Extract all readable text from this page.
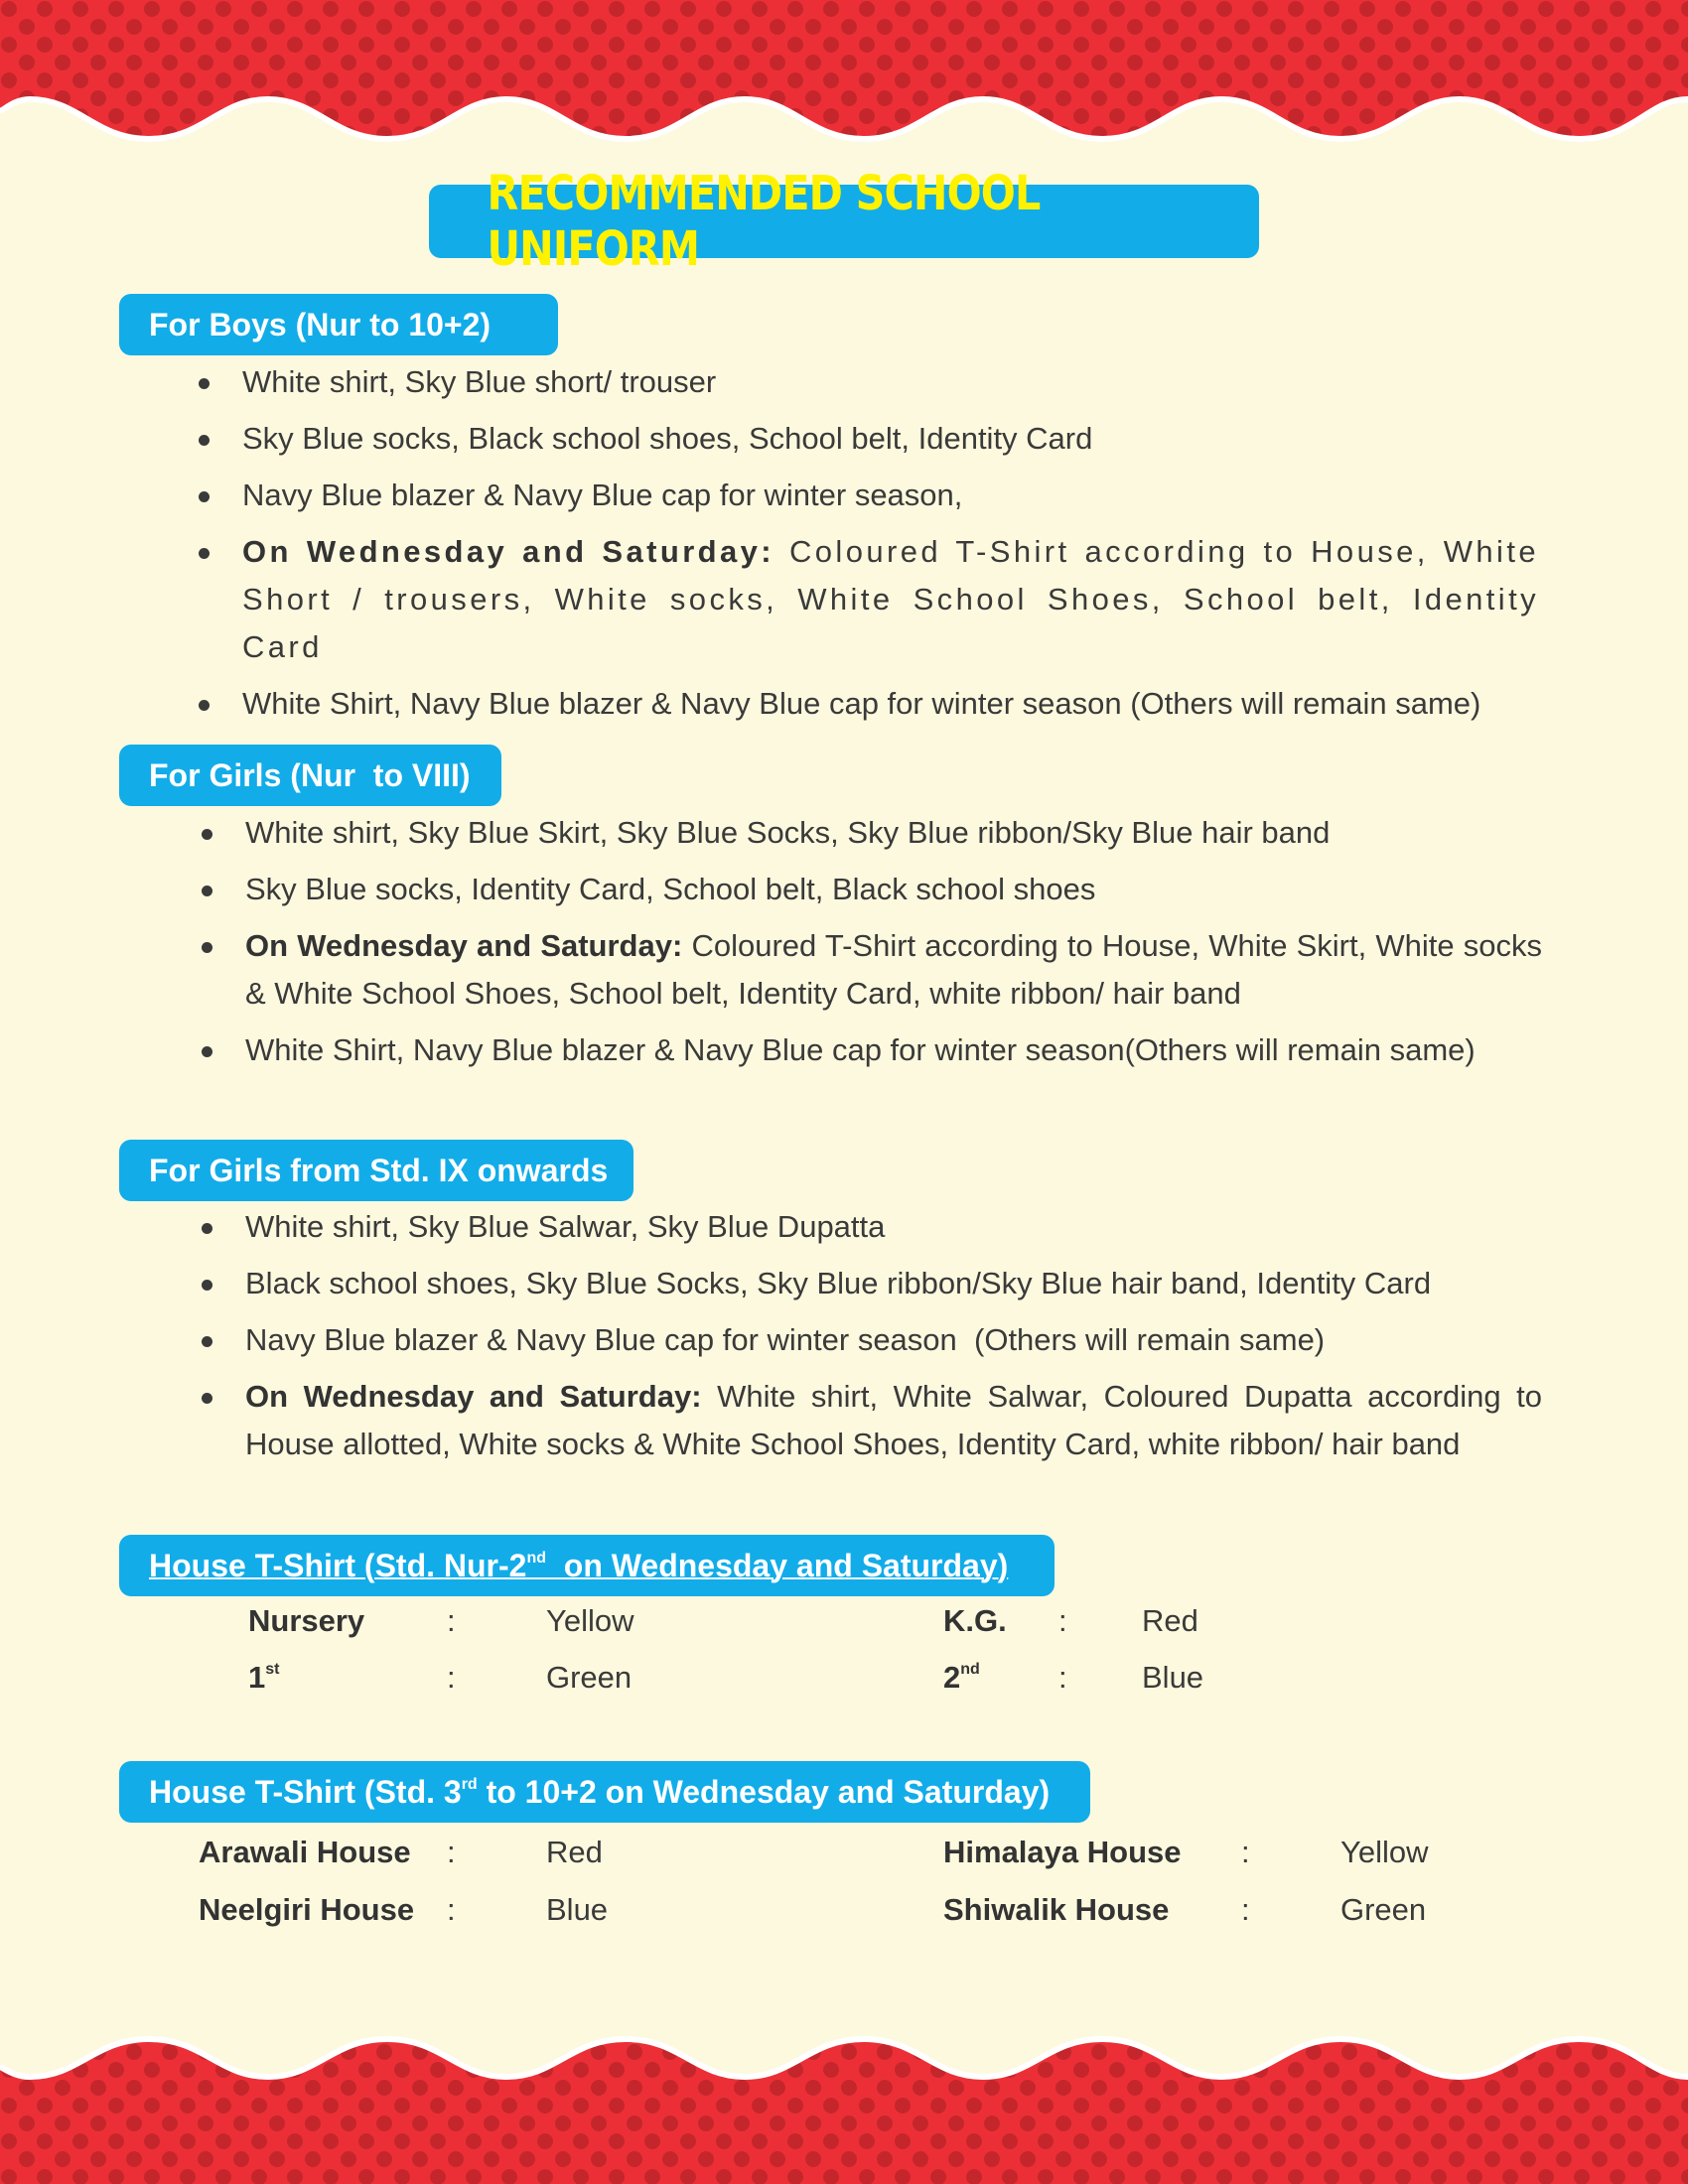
RECOMMENDED SCHOOL UNIFORM
For Boys (Nur to 10+2)
White shirt, Sky Blue short/ trouser
Sky Blue socks, Black school shoes, School belt, Identity Card
Navy Blue blazer & Navy Blue cap for winter season,
On Wednesday and Saturday: Coloured T-Shirt according to House, White Short / trousers, White socks, White School Shoes, School belt, Identity Card
White Shirt, Navy Blue blazer & Navy Blue cap for winter season (Others will remain same)
For Girls (Nur  to VIII)
White shirt, Sky Blue Skirt, Sky Blue Socks, Sky Blue ribbon/Sky Blue hair band
Sky Blue socks, Identity Card, School belt, Black school shoes
On Wednesday and Saturday: Coloured T-Shirt according to House, White Skirt, White socks & White School Shoes, School belt, Identity Card, white ribbon/ hair band
White Shirt, Navy Blue blazer & Navy Blue cap for winter season(Others will remain same)
For Girls from Std. IX onwards
White shirt, Sky Blue Salwar, Sky Blue Dupatta
Black school shoes, Sky Blue Socks, Sky Blue ribbon/Sky Blue hair band, Identity Card
Navy Blue blazer & Navy Blue cap for winter season  (Others will remain same)
On Wednesday and Saturday: White shirt, White Salwar, Coloured Dupatta according to House allotted, White socks & White School Shoes, Identity Card, white ribbon/ hair band
House T-Shirt (Std. Nur-2nd  on Wednesday and Saturday)
Nursery	:	Yellow	K.G. : Red
1st	:	Green	2nd	: Blue
House T-Shirt (Std. 3rd to 10+2 on Wednesday and Saturday)
Arawali House :	Red	Himalaya House :	Yellow
Neelgiri House :	Blue	Shiwalik House :	Green
